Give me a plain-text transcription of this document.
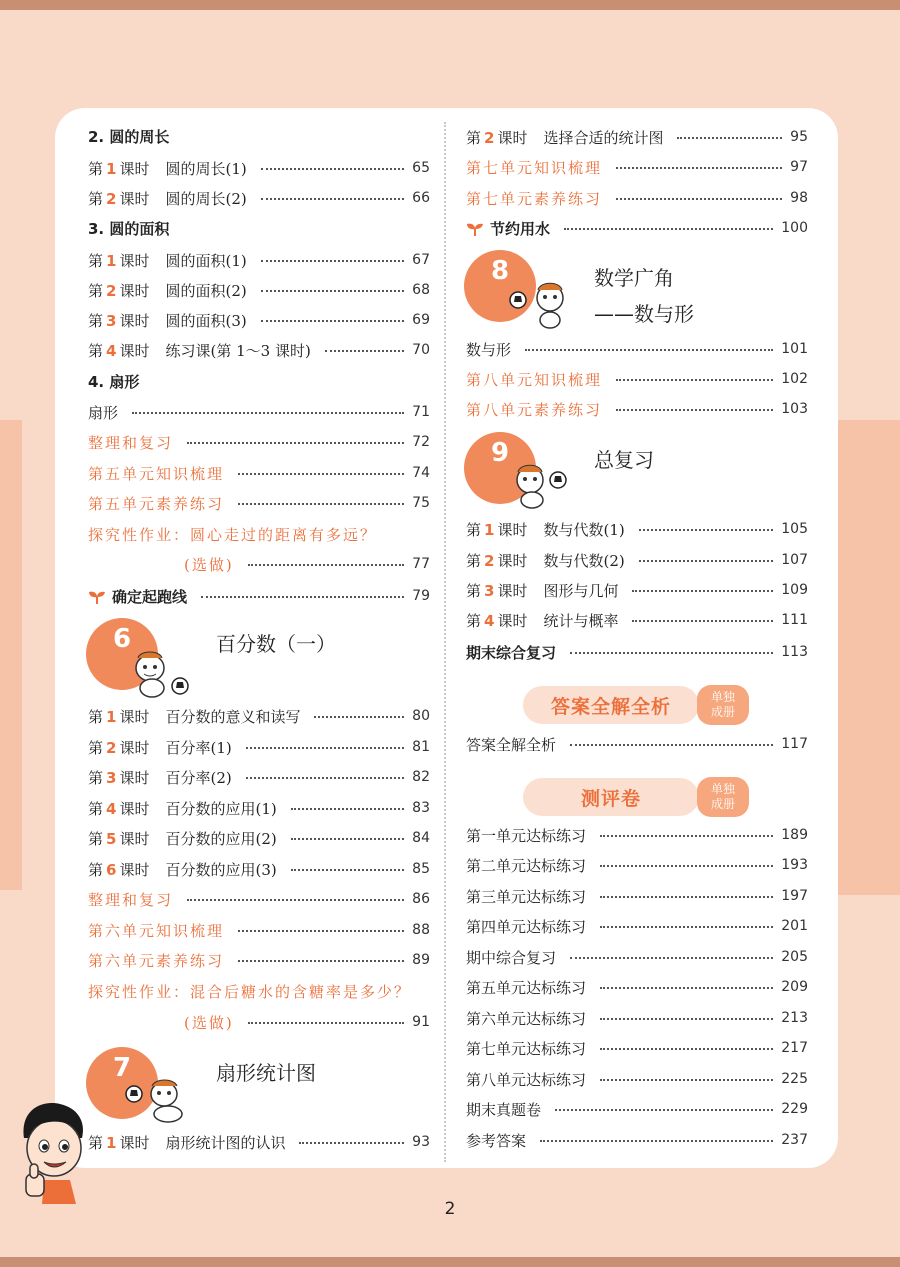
2. 圆的周长
第 1 课时 圆的周长(1)	65
第 2 课时 圆的周长(2)	66
3. 圆的面积
第 1 课时 圆的面积(1)	67
第 2 课时 圆的面积(2)	68
第 3 课时 圆的面积(3)	69
第 4 课时 练习课(第 1～3 课时)	70
4. 扇形
扇形	71
整理和复习	72
第五单元知识梳理	74
第五单元素养练习	75
探究性作业：圆心走过的距离有多远？
(选做)	77
确定起跑线	79
6	百分数（一）
第 1 课时 百分数的意义和读写	80
第 2 课时 百分率(1)	81
第 3 课时 百分率(2)	82
第 4 课时 百分数的应用(1)	83
第 5 课时 百分数的应用(2)	84
第 6 课时 百分数的应用(3)	85
整理和复习	86
第六单元知识梳理	88
第六单元素养练习	89
探究性作业：混合后糖水的含糖率是多少？
(选做)	91
7	扇形统计图
第 1 课时 扇形统计图的认识	93
第 2 课时 选择合适的统计图	95
第七单元知识梳理	97
第七单元素养练习	98
节约用水	100
8	数学广角
——数与形
数与形	101
第八单元知识梳理	102
第八单元素养练习	103
9	总复习
第 1 课时 数与代数(1)	105
第 2 课时 数与代数(2)	107
第 3 课时 图形与几何	109
第 4 课时 统计与概率	111
期末综合复习	113
答案全解全析	单独
成册
答案全解全析	117
测评卷	单独
成册
第一单元达标练习	189
第二单元达标练习	193
第三单元达标练习	197
第四单元达标练习	201
期中综合复习	205
第五单元达标练习	209
第六单元达标练习	213
第七单元达标练习	217
第八单元达标练习	225
期末真题卷	229
参考答案	237
2
